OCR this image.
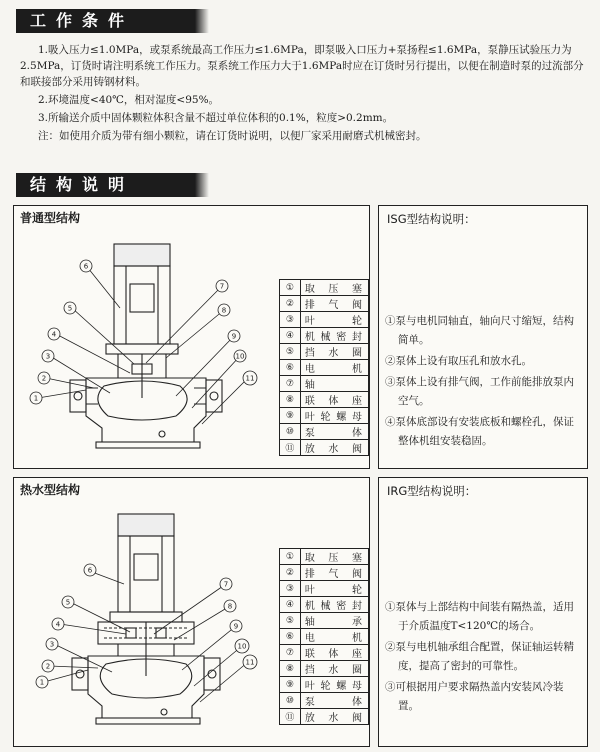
工作条件

1.吸入压力≤1.0MPa，或泵系统最高工作压力≤1.6MPa，即泵吸入口压力+泵扬程≤1.6MPa，泵静压试验压力为2.5MPa，订货时请注明系统工作压力。泵系统工作压力大于1.6MPa时应在订货时另行提出，以便在制造时泵的过流部分和联接部分采用铸钢材料。

2.环境温度<40℃，相对湿度<95%。

3.所输送介质中固体颗粒体积含量不超过单位体积的0.1%，粒度>0.2mm。

注：如使用介质为带有细小颗粒，请在订货时说明，以便厂家采用耐磨式机械密封。

结构说明
普通型结构
1
2
3
4
5
6
7
8
9
10
11
①	取压塞
②	排气阀
③	叶轮
④	机械密封
⑤	挡水圈
⑥	电机
⑦	轴
⑧	联体座
⑨	叶轮螺母
⑩	泵体
⑪	放水阀
ISG型结构说明：
①泵与电机同轴直，轴向尺寸缩短，结构简单。
②泵体上设有取压孔和放水孔。
③泵体上设有排气阀，工作前能排放泵内空气。
④泵体底部设有安装底板和螺栓孔，保证整体机组安装稳固。
热水型结构
1
2
3
4
5
6
7
8
9
10
11
①	取压塞
②	排气阀
③	叶轮
④	机械密封
⑤	轴承
⑥	电机
⑦	联体座
⑧	挡水圈
⑨	叶轮螺母
⑩	泵体
⑪	放水阀
IRG型结构说明：
①泵体与上部结构中间装有隔热盖，适用于介质温度T<120℃的场合。
②泵与电机轴承组合配置，保证轴运转精度，提高了密封的可靠性。
③可根据用户要求隔热盖内安装风冷装置。
